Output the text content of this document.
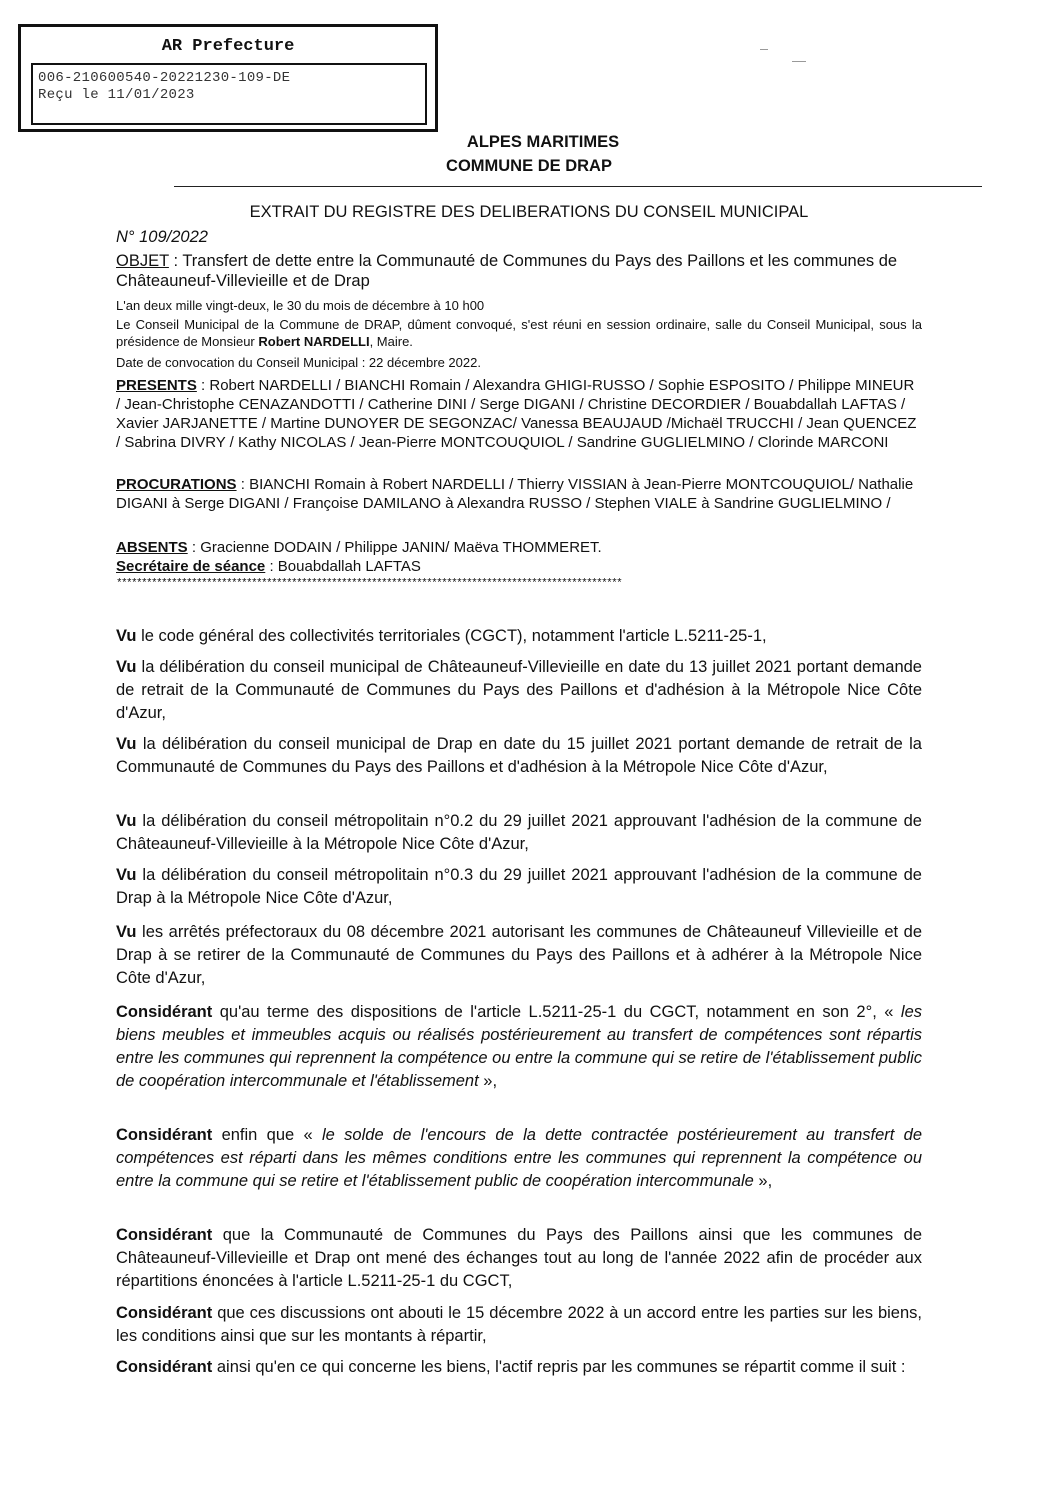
AR Prefecture
006-210600540-20221230-109-DE
Reçu le 11/01/2023
ALPES MARITIMES
COMMUNE DE DRAP
EXTRAIT DU REGISTRE DES DELIBERATIONS DU CONSEIL MUNICIPAL
N° 109/2022
OBJET : Transfert de dette entre la Communauté de Communes du Pays des Paillons et les communes de Châteauneuf-Villevieille et de Drap
L'an deux mille vingt-deux, le 30 du mois de décembre à 10 h00
Le Conseil Municipal de la Commune de DRAP, dûment convoqué, s'est réuni en session ordinaire, salle du Conseil Municipal, sous la présidence de Monsieur Robert NARDELLI, Maire.
Date de convocation du Conseil Municipal : 22 décembre 2022.
PRESENTS : Robert NARDELLI / BIANCHI Romain / Alexandra GHIGI-RUSSO / Sophie ESPOSITO / Philippe MINEUR / Jean-Christophe CENAZANDOTTI / Catherine DINI / Serge DIGANI / Christine DECORDIER / Bouabdallah LAFTAS / Xavier JARJANETTE / Martine DUNOYER DE SEGONZAC/ Vanessa BEAUJAUD /Michaël TRUCCHI / Jean QUENCEZ / Sabrina DIVRY / Kathy NICOLAS / Jean-Pierre MONTCOUQUIOL / Sandrine GUGLIELMINO / Clorinde MARCONI
PROCURATIONS : BIANCHI Romain à Robert NARDELLI / Thierry VISSIAN à Jean-Pierre MONTCOUQUIOL/ Nathalie DIGANI à Serge DIGANI / Françoise DAMILANO à Alexandra RUSSO / Stephen VIALE à Sandrine GUGLIELMINO /
ABSENTS : Gracienne DODAIN / Philippe JANIN/ Maëva THOMMERET.
Secrétaire de séance : Bouabdallah LAFTAS
*****************************************************************************************************
Vu le code général des collectivités territoriales (CGCT), notamment l'article L.5211-25-1,
Vu la délibération du conseil municipal de Châteauneuf-Villevieille en date du 13 juillet 2021 portant demande de retrait de la Communauté de Communes du Pays des Paillons et d'adhésion à la Métropole Nice Côte d'Azur,
Vu la délibération du conseil municipal de Drap en date du 15 juillet 2021 portant demande de retrait de la Communauté de Communes du Pays des Paillons et d'adhésion à la Métropole Nice Côte d'Azur,
Vu la délibération du conseil métropolitain n°0.2 du 29 juillet 2021 approuvant l'adhésion de la commune de Châteauneuf-Villevieille à la Métropole Nice Côte d'Azur,
Vu la délibération du conseil métropolitain n°0.3 du 29 juillet 2021 approuvant l'adhésion de la commune de Drap à la Métropole Nice Côte d'Azur,
Vu les arrêtés préfectoraux du 08 décembre 2021 autorisant les communes de Châteauneuf Villevieille et de Drap à se retirer de la Communauté de Communes du Pays des Paillons et à adhérer à la Métropole Nice Côte d'Azur,
Considérant qu'au terme des dispositions de l'article L.5211-25-1 du CGCT, notamment en son 2°, « les biens meubles et immeubles acquis ou réalisés postérieurement au transfert de compétences sont répartis entre les communes qui reprennent la compétence ou entre la commune qui se retire de l'établissement public de coopération intercommunale et l'établissement »,
Considérant enfin que « le solde de l'encours de la dette contractée postérieurement au transfert de compétences est réparti dans les mêmes conditions entre les communes qui reprennent la compétence ou entre la commune qui se retire et l'établissement public de coopération intercommunale »,
Considérant que la Communauté de Communes du Pays des Paillons ainsi que les communes de Châteauneuf-Villevieille et Drap ont mené des échanges tout au long de l'année 2022 afin de procéder aux répartitions énoncées à l'article L.5211-25-1 du CGCT,
Considérant que ces discussions ont abouti le 15 décembre 2022 à un accord entre les parties sur les biens, les conditions ainsi que sur les montants à répartir,
Considérant ainsi qu'en ce qui concerne les biens, l'actif repris par les communes se répartit comme il suit :
